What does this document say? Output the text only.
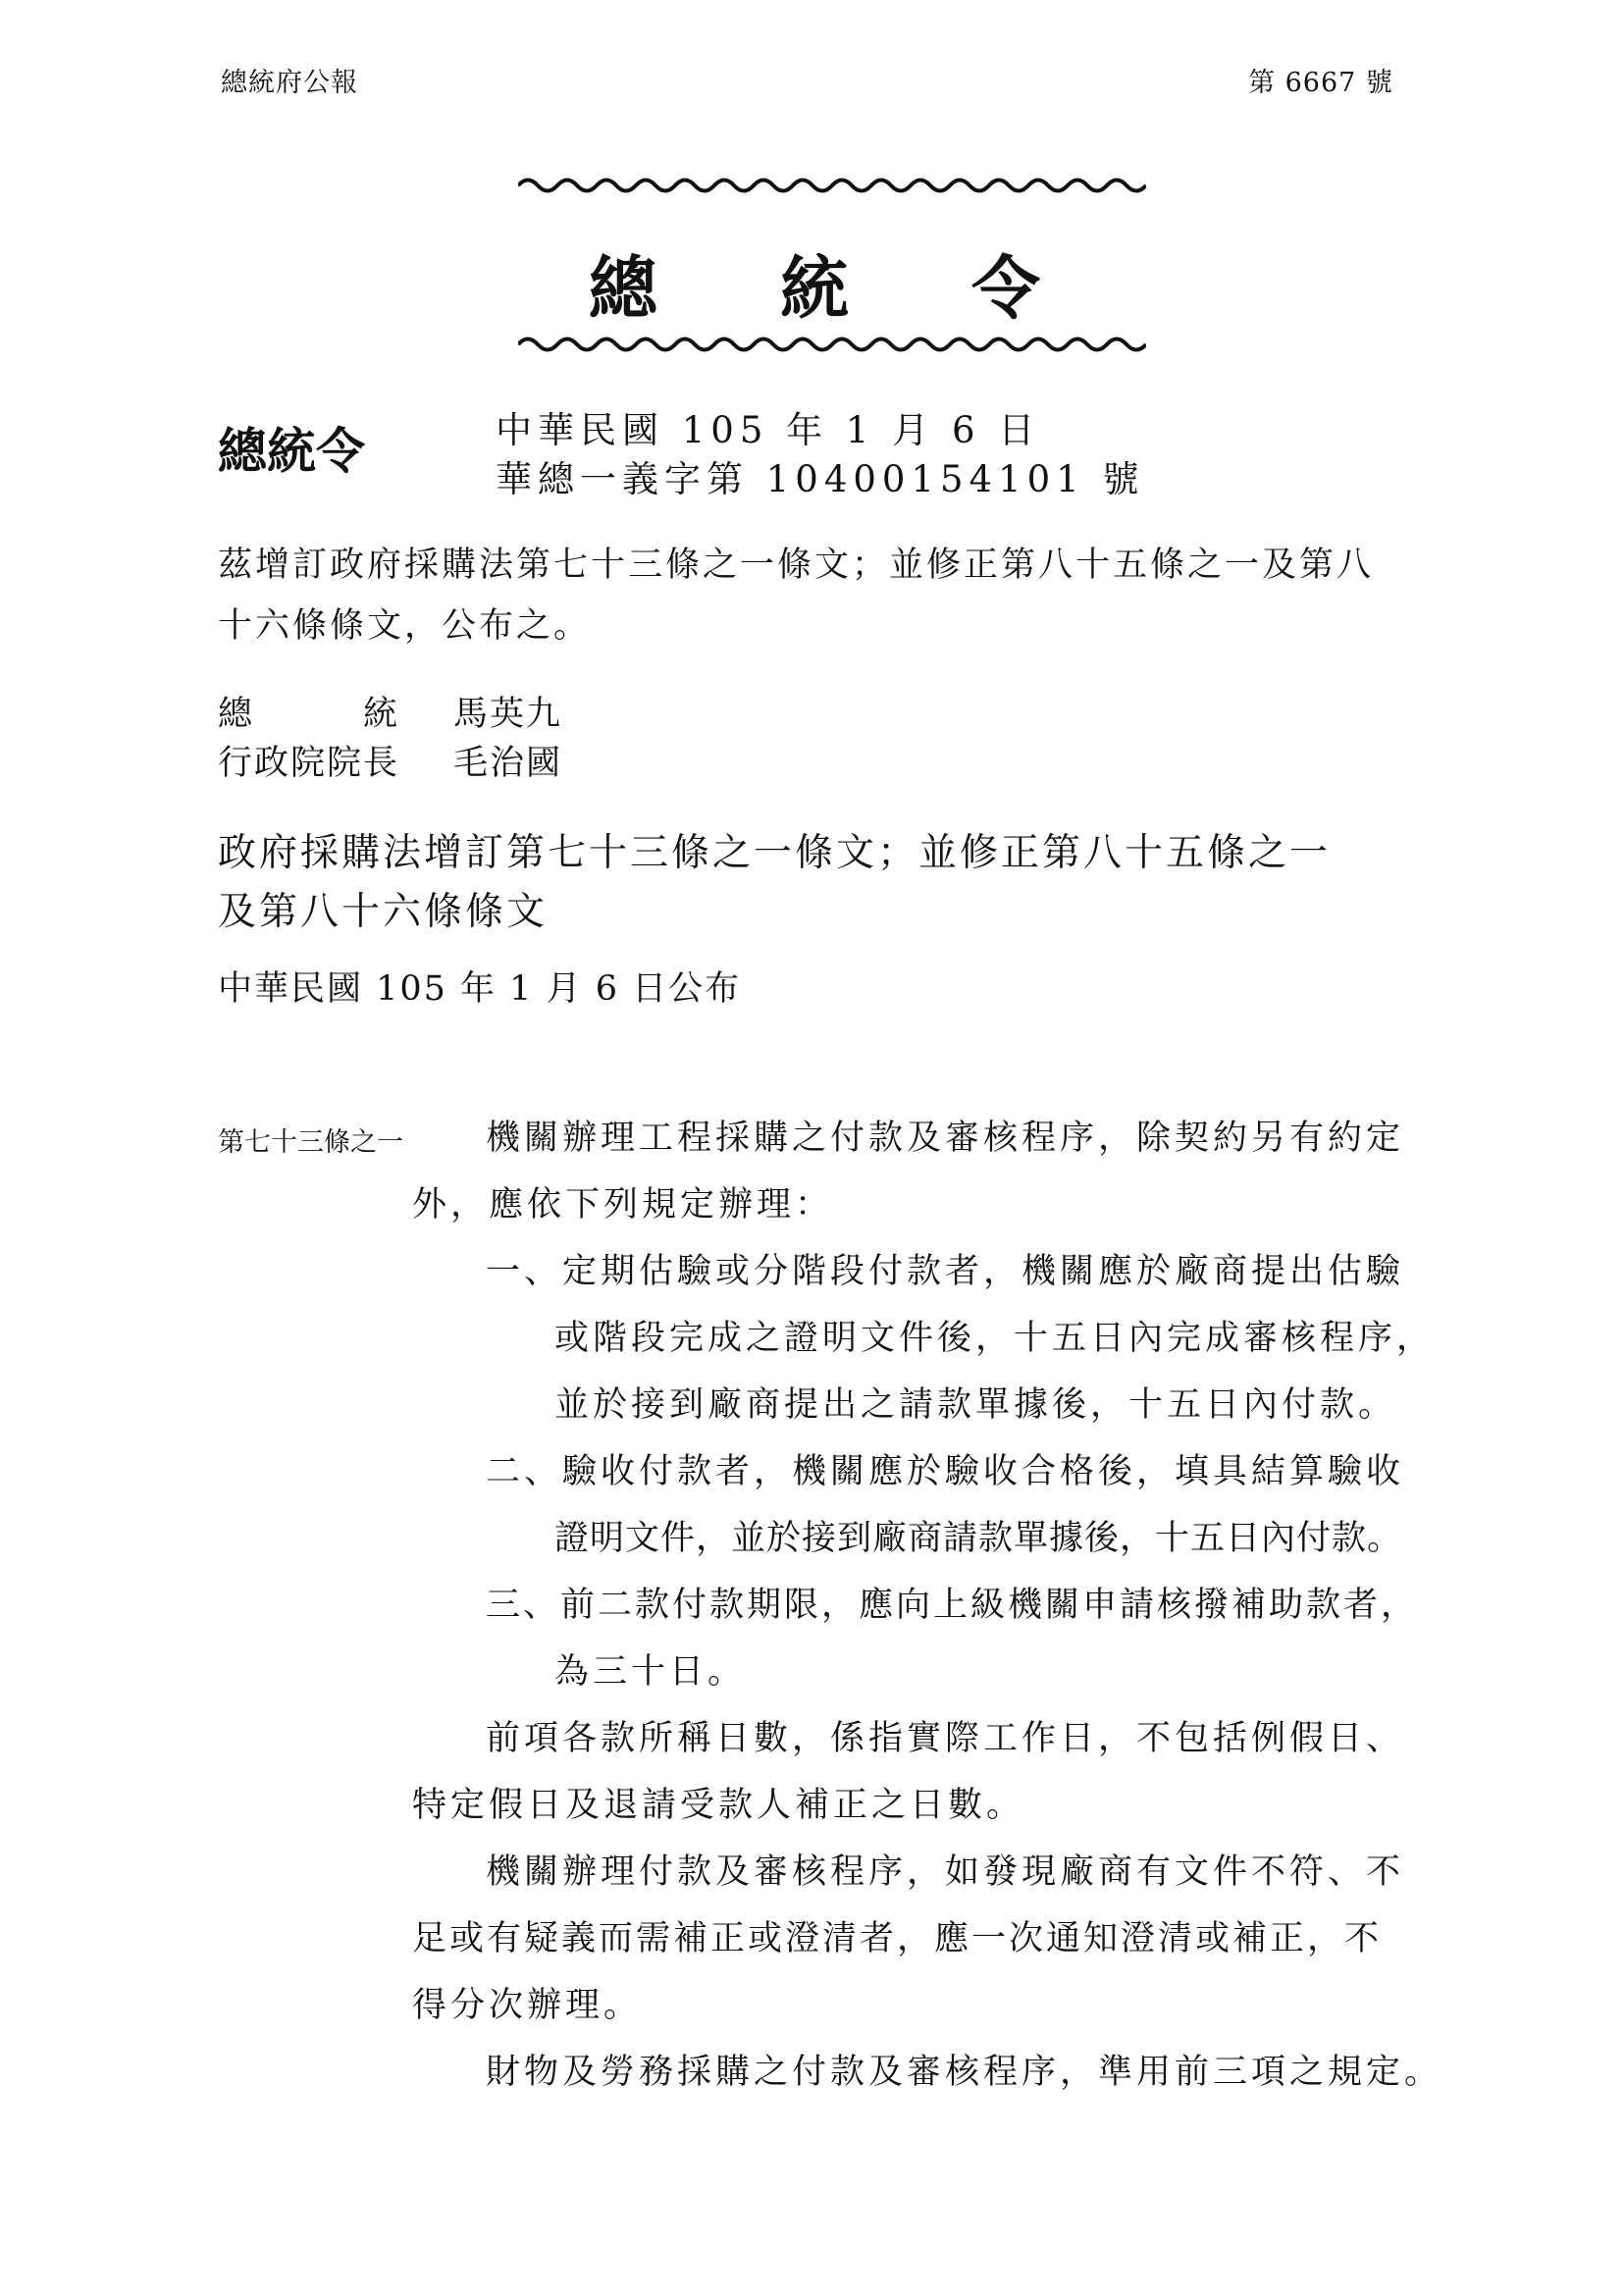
總統府公報	第 6667 號
總 統 令
總統令	中華民國 105 年 1 月 6 日
華總一義字第 10400154101 號
茲增訂政府採購法第七十三條之一條文；並修正第八十五條之一及第八
十六條條文，公布之。
總　　　統 馬英九
行政院院長 毛治國
政府採購法增訂第七十三條之一條文；並修正第八十五條之一
及第八十六條條文
中華民國 105 年 1 月 6 日公布
第七十三條之一 機關辦理工程採購之付款及審核程序，除契約另有約定
外，應依下列規定辦理：
一、定期估驗或分階段付款者，機關應於廠商提出估驗
或階段完成之證明文件後，十五日內完成審核程序，
並於接到廠商提出之請款單據後，十五日內付款。
二、驗收付款者，機關應於驗收合格後，填具結算驗收
證明文件，並於接到廠商請款單據後，十五日內付款。
三、前二款付款期限，應向上級機關申請核撥補助款者，
為三十日。
前項各款所稱日數，係指實際工作日，不包括例假日、
特定假日及退請受款人補正之日數。
機關辦理付款及審核程序，如發現廠商有文件不符、不
足或有疑義而需補正或澄清者，應一次通知澄清或補正，不
得分次辦理。
財物及勞務採購之付款及審核程序，準用前三項之規定。
